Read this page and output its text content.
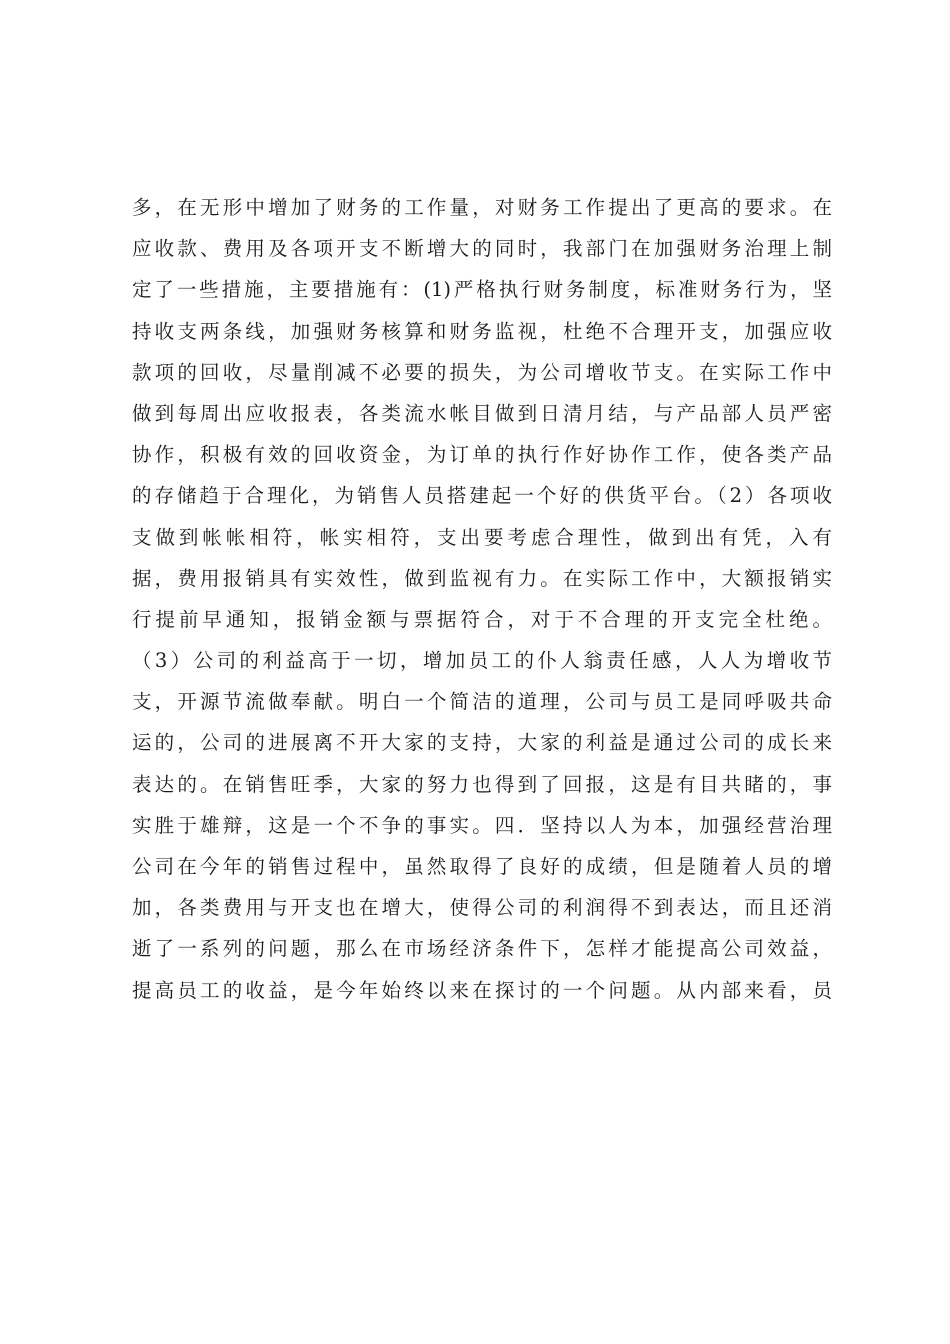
多，在无形中增加了财务的工作量，对财务工作提出了更高的要求。在
应收款、费用及各项开支不断增大的同时，我部门在加强财务治理上制
定了一些措施，主要措施有：(1)严格执行财务制度，标准财务行为，坚
持收支两条线，加强财务核算和财务监视，杜绝不合理开支，加强应收
款项的回收，尽量削减不必要的损失，为公司增收节支。在实际工作中
做到每周出应收报表，各类流水帐目做到日清月结，与产品部人员严密
协作，积极有效的回收资金，为订单的执行作好协作工作，使各类产品
的存储趋于合理化，为销售人员搭建起一个好的供货平台。（2）各项收
支做到帐帐相符，帐实相符，支出要考虑合理性，做到出有凭，入有
据，费用报销具有实效性，做到监视有力。在实际工作中，大额报销实
行提前早通知，报销金额与票据符合，对于不合理的开支完全杜绝。
（3）公司的利益高于一切，增加员工的仆人翁责任感，人人为增收节
支，开源节流做奉献。明白一个简洁的道理，公司与员工是同呼吸共命
运的，公司的进展离不开大家的支持，大家的利益是通过公司的成长来
表达的。在销售旺季，大家的努力也得到了回报，这是有目共睹的，事
实胜于雄辩，这是一个不争的事实。四．坚持以人为本，加强经营治理
公司在今年的销售过程中，虽然取得了良好的成绩，但是随着人员的增
加，各类费用与开支也在增大，使得公司的利润得不到表达，而且还消
逝了一系列的问题，那么在市场经济条件下，怎样才能提高公司效益，
提高员工的收益，是今年始终以来在探讨的一个问题。从内部来看，员
